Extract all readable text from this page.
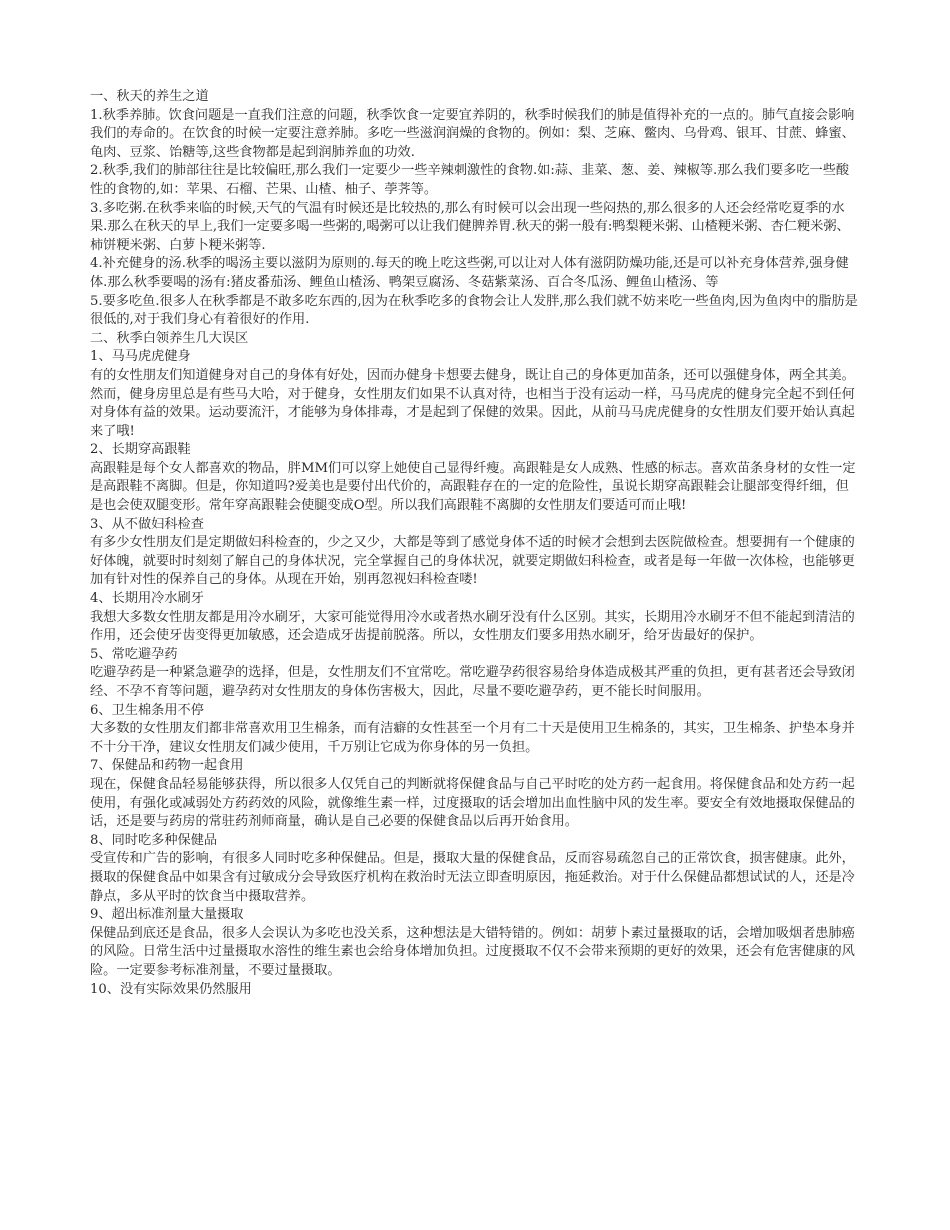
一、秋天的养生之道

1.秋季养肺。饮食问题是一直我们注意的问题，秋季饮食一定要宜养阴的，秋季时候我们的肺是值得补充的一点的。肺气直接会影响我们的寿命的。在饮食的时候一定要注意养肺。多吃一些滋润润燥的食物的。例如：梨、芝麻、鳖肉、乌骨鸡、银耳、甘蔗、蜂蜜、龟肉、豆浆、饴糖等,这些食物都是起到润肺养血的功效.

2.秋季,我们的肺部往往是比较偏旺,那么我们一定要少一些辛辣刺激性的食物.如:蒜、韭菜、葱、姜、辣椒等.那么我们要多吃一些酸性的食物的,如：苹果、石榴、芒果、山楂、柚子、荸荠等。

3.多吃粥.在秋季来临的时候,天气的气温有时候还是比较热的,那么有时候可以会出现一些闷热的,那么很多的人还会经常吃夏季的水果.那么在秋天的早上,我们一定要多喝一些粥的,喝粥可以让我们健脾养胃.秋天的粥一般有:鸭梨粳米粥、山楂粳米粥、杏仁粳米粥、柿饼粳米粥、白萝卜粳米粥等.

4.补充健身的汤.秋季的喝汤主要以滋阴为原则的.每天的晚上吃这些粥,可以让对人体有滋阴防燥功能,还是可以补充身体营养,强身健体.那么秋季要喝的汤有:猪皮番茄汤、鲤鱼山楂汤、鸭架豆腐汤、冬菇紫菜汤、百合冬瓜汤、鲤鱼山楂汤、等

5.要多吃鱼.很多人在秋季都是不敢多吃东西的,因为在秋季吃多的食物会让人发胖,那么我们就不妨来吃一些鱼肉,因为鱼肉中的脂肪是很低的,对于我们身心有着很好的作用.

二、秋季白领养生几大误区

1、马马虎虎健身

有的女性朋友们知道健身对自己的身体有好处，因而办健身卡想要去健身，既让自己的身体更加苗条，还可以强健身体，两全其美。然而，健身房里总是有些马大哈，对于健身，女性朋友们如果不认真对待，也相当于没有运动一样，马马虎虎的健身完全起不到任何对身体有益的效果。运动要流汗，才能够为身体排毒，才是起到了保健的效果。因此，从前马马虎虎健身的女性朋友们要开始认真起来了哦!

2、长期穿高跟鞋

高跟鞋是每个女人都喜欢的物品，胖MM们可以穿上她使自己显得纤瘦。高跟鞋是女人成熟、性感的标志。喜欢苗条身材的女性一定是高跟鞋不离脚。但是，你知道吗?爱美也是要付出代价的，高跟鞋存在的一定的危险性，虽说长期穿高跟鞋会让腿部变得纤细，但是也会使双腿变形。常年穿高跟鞋会使腿变成O型。所以我们高跟鞋不离脚的女性朋友们要适可而止哦!

3、从不做妇科检查

有多少女性朋友们是定期做妇科检查的，少之又少，大都是等到了感觉身体不适的时候才会想到去医院做检查。想要拥有一个健康的好体魄，就要时时刻刻了解自己的身体状况，完全掌握自己的身体状况，就要定期做妇科检查，或者是每一年做一次体检，也能够更加有针对性的保养自己的身体。从现在开始，别再忽视妇科检查喽!

4、长期用冷水刷牙

我想大多数女性朋友都是用冷水刷牙，大家可能觉得用冷水或者热水刷牙没有什么区别。其实，长期用冷水刷牙不但不能起到清洁的作用，还会使牙齿变得更加敏感，还会造成牙齿提前脱落。所以，女性朋友们要多用热水刷牙，给牙齿最好的保护。

5、常吃避孕药

吃避孕药是一种紧急避孕的选择，但是，女性朋友们不宜常吃。常吃避孕药很容易给身体造成极其严重的负担，更有甚者还会导致闭经、不孕不育等问题，避孕药对女性朋友的身体伤害极大，因此，尽量不要吃避孕药，更不能长时间服用。

6、卫生棉条用不停

大多数的女性朋友们都非常喜欢用卫生棉条，而有洁癖的女性甚至一个月有二十天是使用卫生棉条的，其实，卫生棉条、护垫本身并不十分干净，建议女性朋友们减少使用，千万别让它成为你身体的另一负担。

7、保健品和药物一起食用

现在，保健食品轻易能够获得，所以很多人仅凭自己的判断就将保健食品与自己平时吃的处方药一起食用。将保健食品和处方药一起使用，有强化或减弱处方药药效的风险，就像维生素一样，过度摄取的话会增加出血性脑中风的发生率。要安全有效地摄取保健品的话，还是要与药房的常驻药剂师商量，确认是自己必要的保健食品以后再开始食用。

8、同时吃多种保健品

受宣传和广告的影响，有很多人同时吃多种保健品。但是，摄取大量的保健食品，反而容易疏忽自己的正常饮食，损害健康。此外，摄取的保健食品中如果含有过敏成分会导致医疗机构在救治时无法立即查明原因，拖延救治。对于什么保健品都想试试的人，还是冷静点，多从平时的饮食当中摄取营养。

9、超出标准剂量大量摄取

保健品到底还是食品，很多人会误认为多吃也没关系，这种想法是大错特错的。例如：胡萝卜素过量摄取的话，会增加吸烟者患肺癌的风险。日常生活中过量摄取水溶性的维生素也会给身体增加负担。过度摄取不仅不会带来预期的更好的效果，还会有危害健康的风险。一定要参考标准剂量，不要过量摄取。

10、没有实际效果仍然服用
